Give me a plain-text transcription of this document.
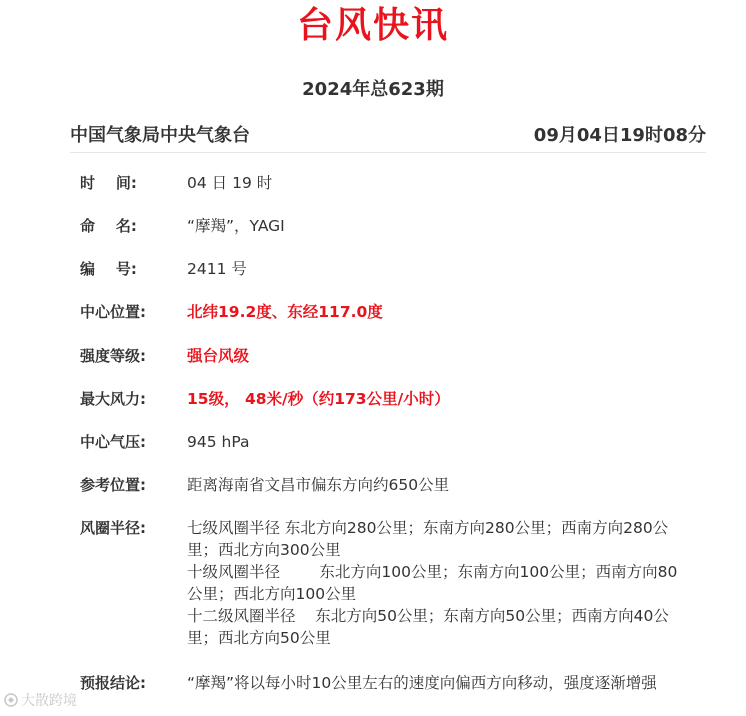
台风快讯
2024年总623期
中国气象局中央气象台	09月04日19时08分
时    间:	04 日 19 时
命    名:	“摩羯”，YAGI
编    号:	2411 号
中心位置:	北纬19.2度、东经117.0度
强度等级:	强台风级
最大风力:	15级， 48米/秒（约173公里/小时）
中心气压:	945 hPa
参考位置:	距离海南省文昌市偏东方向约650公里
风圈半径:	七级风圈半径 东北方向280公里；东南方向280公里；西南方向280公里；西北方向300公里
十级风圈半径        东北方向100公里；东南方向100公里；西南方向80公里；西北方向100公里
十二级风圈半径    东北方向50公里；东南方向50公里；西南方向40公里；西北方向50公里
预报结论:	“摩羯”将以每小时10公里左右的速度向偏西方向移动，强度逐渐增强
大散跨境
